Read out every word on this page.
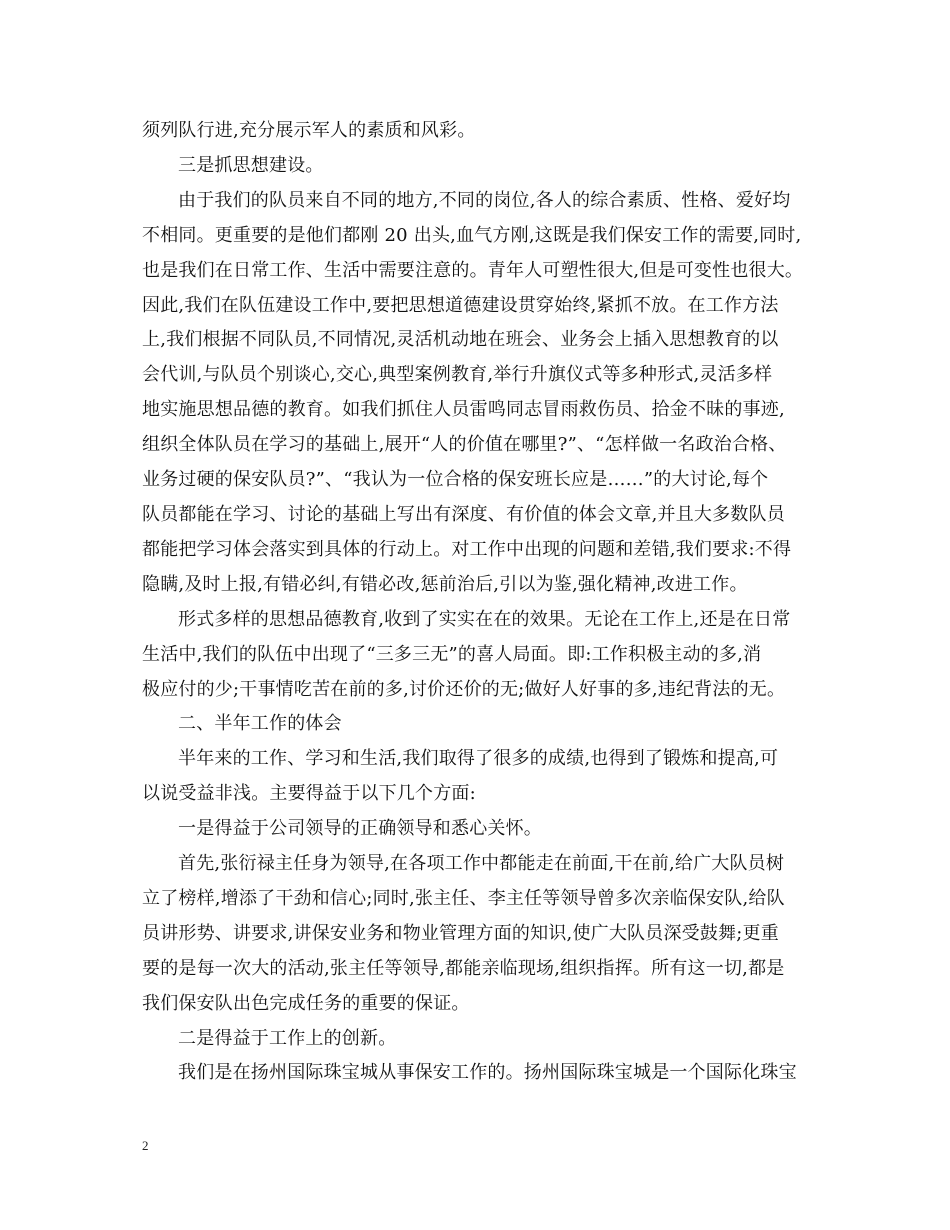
须列队行进,充分展示军人的素质和风彩。

三是抓思想建设。

由于我们的队员来自不同的地方,不同的岗位,各人的综合素质、性格、爱好均
不相同。更重要的是他们都刚 20 出头,血气方刚,这既是我们保安工作的需要,同时,
也是我们在日常工作、生活中需要注意的。青年人可塑性很大,但是可变性也很大。
因此,我们在队伍建设工作中,要把思想道德建设贯穿始终,紧抓不放。在工作方法
上,我们根据不同队员,不同情况,灵活机动地在班会、业务会上插入思想教育的以
会代训,与队员个别谈心,交心,典型案例教育,举行升旗仪式等多种形式,灵活多样
地实施思想品德的教育。如我们抓住人员雷鸣同志冒雨救伤员、拾金不昧的事迹,
组织全体队员在学习的基础上,展开“人的价值在哪里?”、“怎样做一名政治合格、
业务过硬的保安队员?”、“我认为一位合格的保安班长应是……”的大讨论,每个
队员都能在学习、讨论的基础上写出有深度、有价值的体会文章,并且大多数队员
都能把学习体会落实到具体的行动上。对工作中出现的问题和差错,我们要求:不得
隐瞒,及时上报,有错必纠,有错必改,惩前治后,引以为鉴,强化精神,改进工作。

形式多样的思想品德教育,收到了实实在在的效果。无论在工作上,还是在日常
生活中,我们的队伍中出现了“三多三无”的喜人局面。即:工作积极主动的多,消
极应付的少;干事情吃苦在前的多,讨价还价的无;做好人好事的多,违纪背法的无。

二、半年工作的体会

半年来的工作、学习和生活,我们取得了很多的成绩,也得到了锻炼和提高,可
以说受益非浅。主要得益于以下几个方面:

一是得益于公司领导的正确领导和悉心关怀。

首先,张衍禄主任身为领导,在各项工作中都能走在前面,干在前,给广大队员树
立了榜样,增添了干劲和信心;同时,张主任、李主任等领导曾多次亲临保安队,给队
员讲形势、讲要求,讲保安业务和物业管理方面的知识,使广大队员深受鼓舞;更重
要的是每一次大的活动,张主任等领导,都能亲临现场,组织指挥。所有这一切,都是
我们保安队出色完成任务的重要的保证。

二是得益于工作上的创新。

我们是在扬州国际珠宝城从事保安工作的。扬州国际珠宝城是一个国际化珠宝

2
